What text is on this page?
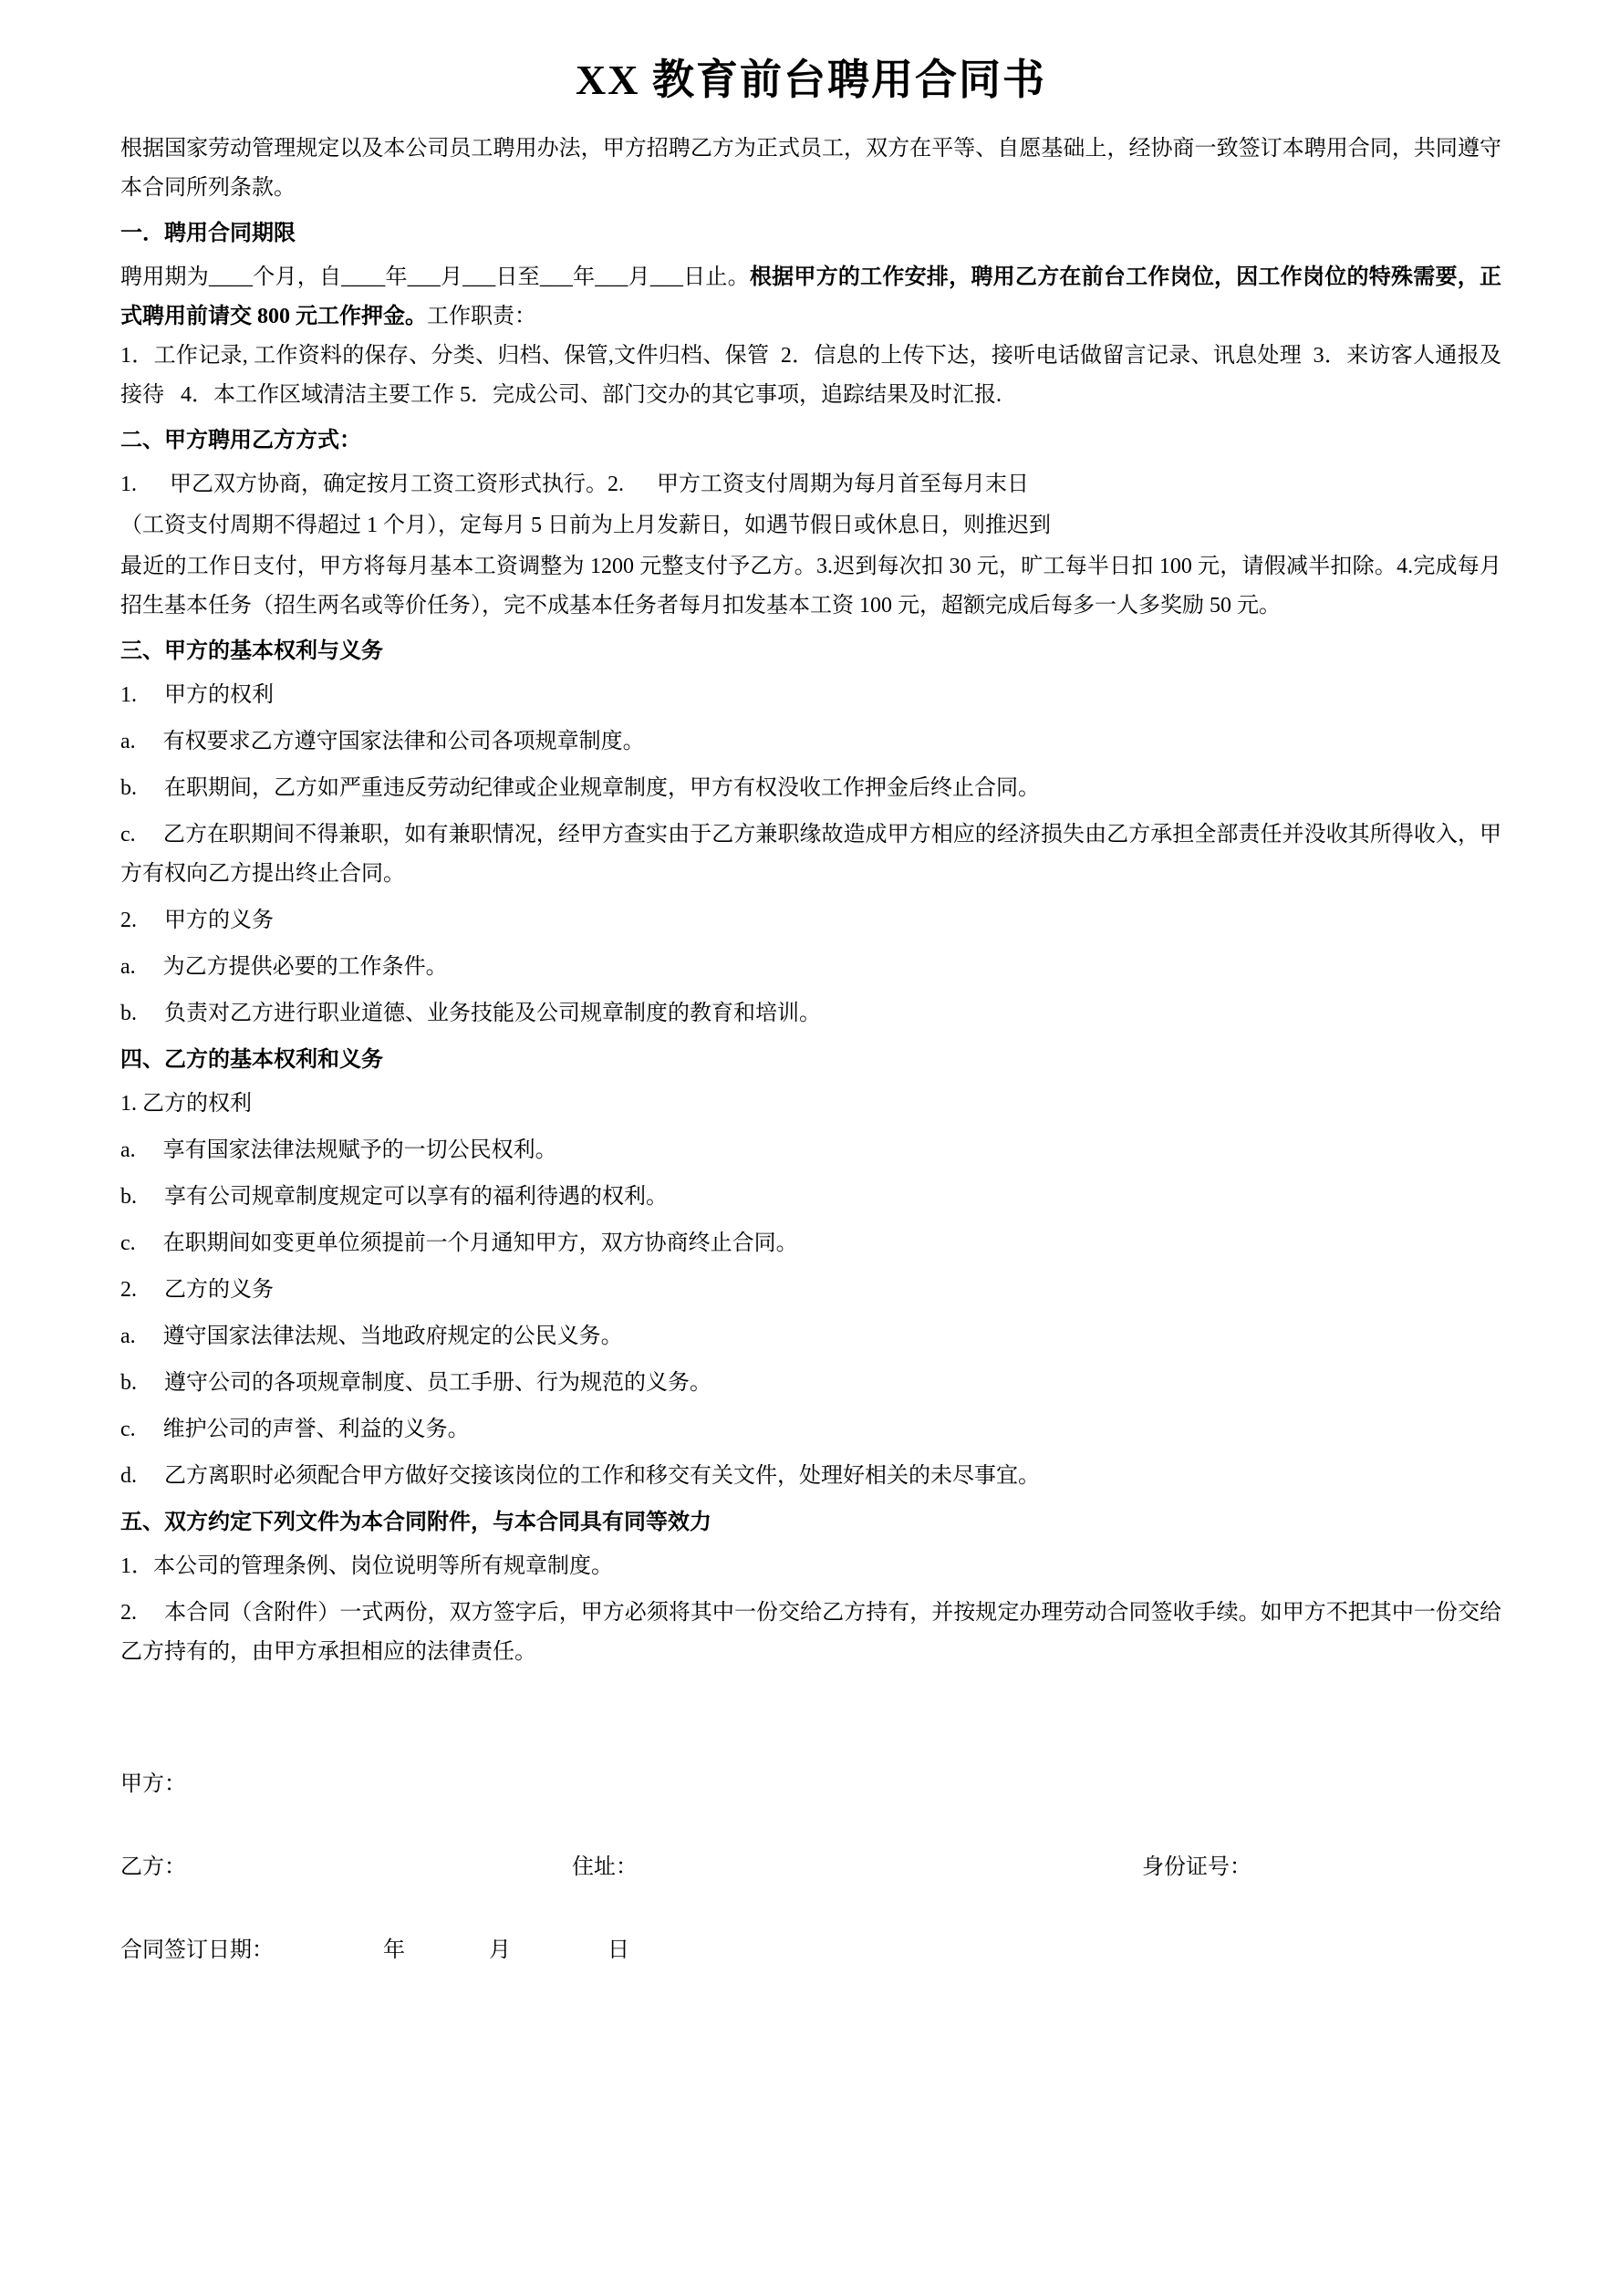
XX 教育前台聘用合同书

根据国家劳动管理规定以及本公司员工聘用办法，甲方招聘乙方为正式员工，双方在平等、自愿基础上，经协商一致签订本聘用合同，共同遵守本合同所列条款。

一．聘用合同期限

聘用期为____个月，自____年___月___日至___年___月___日止。根据甲方的工作安排，聘用乙方在前台工作岗位，因工作岗位的特殊需要，正式聘用前请交 800 元工作押金。工作职责：

1．工作记录, 工作资料的保存、分类、归档、保管,文件归档、保管  2．信息的上传下达，接听电话做留言记录、讯息处理  3．来访客人通报及接待   4．本工作区域清洁主要工作 5．完成公司、部门交办的其它事项，追踪结果及时汇报.

二、甲方聘用乙方方式：

1.      甲乙双方协商，确定按月工资工资形式执行。2.      甲方工资支付周期为每月首至每月末日

（工资支付周期不得超过 1 个月），定每月 5 日前为上月发薪日，如遇节假日或休息日，则推迟到

最近的工作日支付，甲方将每月基本工资调整为 1200 元整支付予乙方。3.迟到每次扣 30 元，旷工每半日扣 100 元，请假减半扣除。4.完成每月招生基本任务（招生两名或等价任务），完不成基本任务者每月扣发基本工资 100 元，超额完成后每多一人多奖励 50 元。

三、甲方的基本权利与义务

1.     甲方的权利

a.     有权要求乙方遵守国家法律和公司各项规章制度。

b.     在职期间，乙方如严重违反劳动纪律或企业规章制度，甲方有权没收工作押金后终止合同。

c.     乙方在职期间不得兼职，如有兼职情况，经甲方查实由于乙方兼职缘故造成甲方相应的经济损失由乙方承担全部责任并没收其所得收入，甲方有权向乙方提出终止合同。

2.     甲方的义务

a.     为乙方提供必要的工作条件。

b.     负责对乙方进行职业道德、业务技能及公司规章制度的教育和培训。

四、乙方的基本权利和义务

1. 乙方的权利

a.     享有国家法律法规赋予的一切公民权利。

b.     享有公司规章制度规定可以享有的福利待遇的权利。

c.     在职期间如变更单位须提前一个月通知甲方，双方协商终止合同。

2.     乙方的义务

a.     遵守国家法律法规、当地政府规定的公民义务。

b.     遵守公司的各项规章制度、员工手册、行为规范的义务。

c.     维护公司的声誉、利益的义务。

d.     乙方离职时必须配合甲方做好交接该岗位的工作和移交有关文件，处理好相关的未尽事宜。

五、双方约定下列文件为本合同附件，与本合同具有同等效力

1．本公司的管理条例、岗位说明等所有规章制度。

2.     本合同（含附件）一式两份，双方签字后，甲方必须将其中一份交给乙方持有，并按规定办理劳动合同签收手续。如甲方不把其中一份交给乙方持有的，由甲方承担相应的法律责任。

甲方：
乙方：	住址：	身份证号：
合同签订日期：	年	月	日
